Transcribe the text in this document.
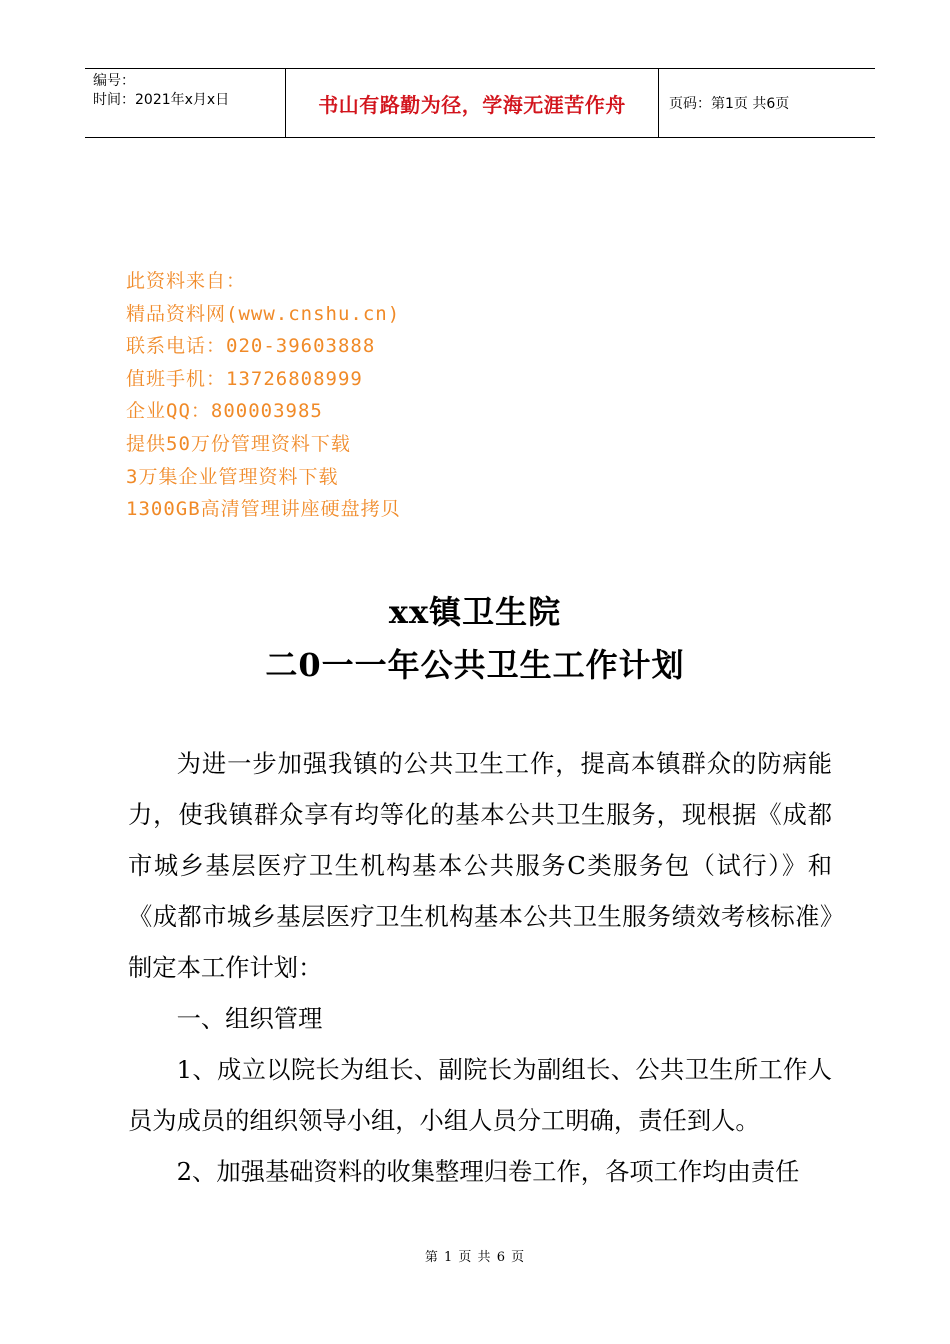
编号：
时间：2021年x月x日	书山有路勤为径，学海无涯苦作舟	页码：第1页 共6页
此资料来自：
精品资料网(www.cnshu.cn)
联系电话：020-39603888
值班手机：13726808999
企业QQ：800003985
提供50万份管理资料下载
3万集企业管理资料下载
1300GB高清管理讲座硬盘拷贝
xx镇卫生院
二0一一年公共卫生工作计划

为进一步加强我镇的公共卫生工作，提高本镇群众的防病能力，使我镇群众享有均等化的基本公共卫生服务，现根据《成都市城乡基层医疗卫生机构基本公共服务C类服务包（试行）》和《成都市城乡基层医疗卫生机构基本公共卫生服务绩效考核标准》制定本工作计划：

一、组织管理

1、成立以院长为组长、副院长为副组长、公共卫生所工作人员为成员的组织领导小组，小组人员分工明确，责任到人。

2、加强基础资料的收集整理归卷工作，各项工作均由责任

第 1 页 共 6 页
